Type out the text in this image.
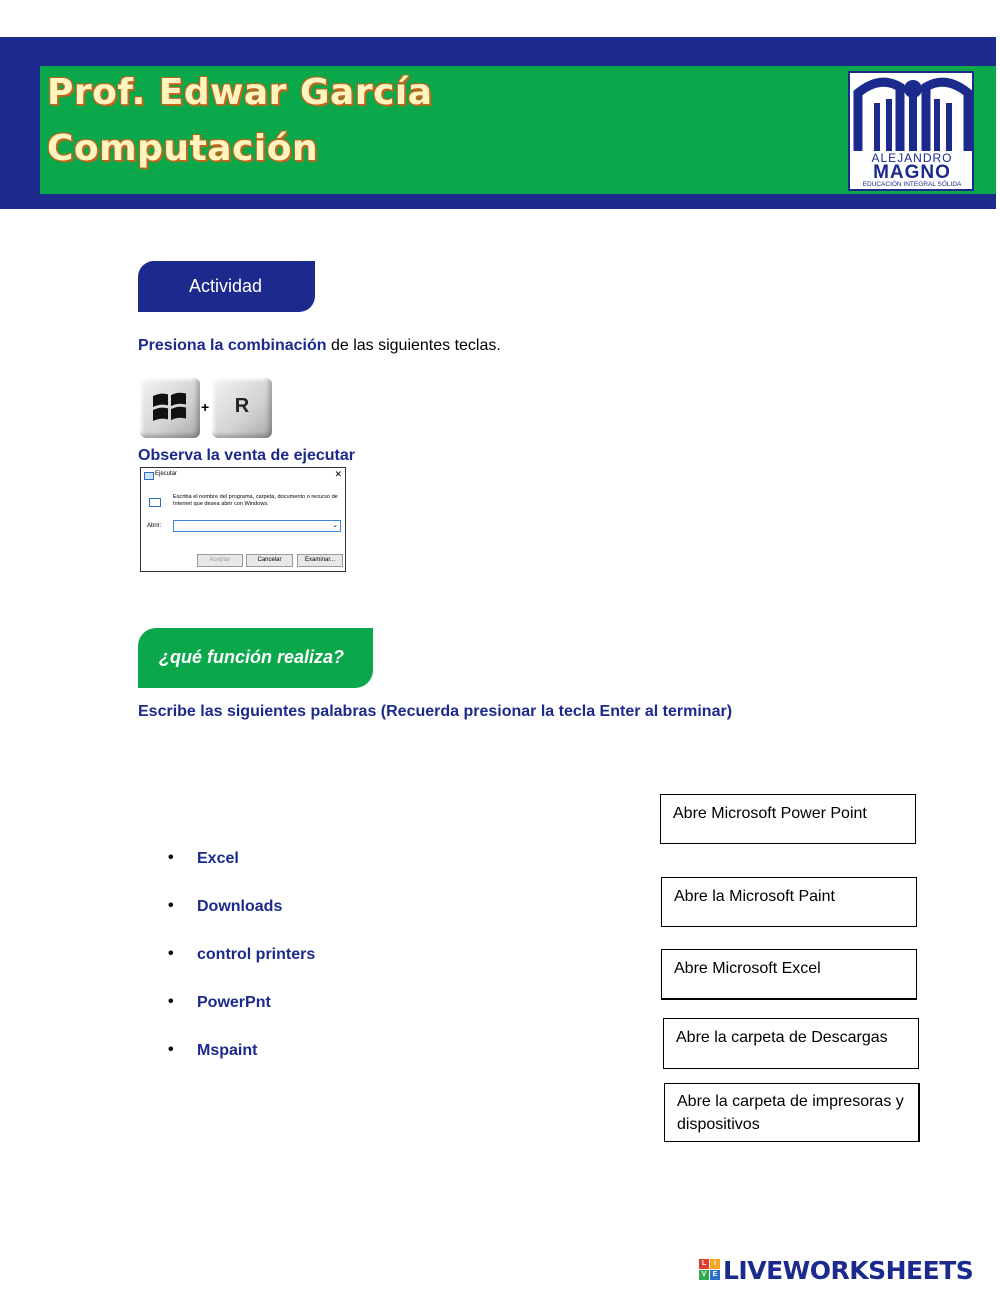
Prof. Edwar García
Computación	ALEJANDRO
MAGNO
EDUCACIÓN INTEGRAL SÓLIDA
Actividad
Presiona la combinación de las siguientes teclas.
+	R
Observa la venta de ejecutar
Ejecutar	✕
Escriba el nombre del programa, carpeta, documento o recurso de Internet que desea abrir con Windows.
Abrir:	⌄
Aceptar	Cancelar	Examinar...
¿qué función realiza?
Escribe las siguientes palabras (Recuerda presionar la tecla Enter al terminar)
• Excel
• Downloads
• control printers
• PowerPnt
• Mspaint
Abre Microsoft Power Point
Abre la Microsoft Paint
Abre Microsoft Excel
Abre la carpeta de Descargas
Abre la carpeta de impresoras y dispositivos
L	I
V E LIVEWORKSHEETS
